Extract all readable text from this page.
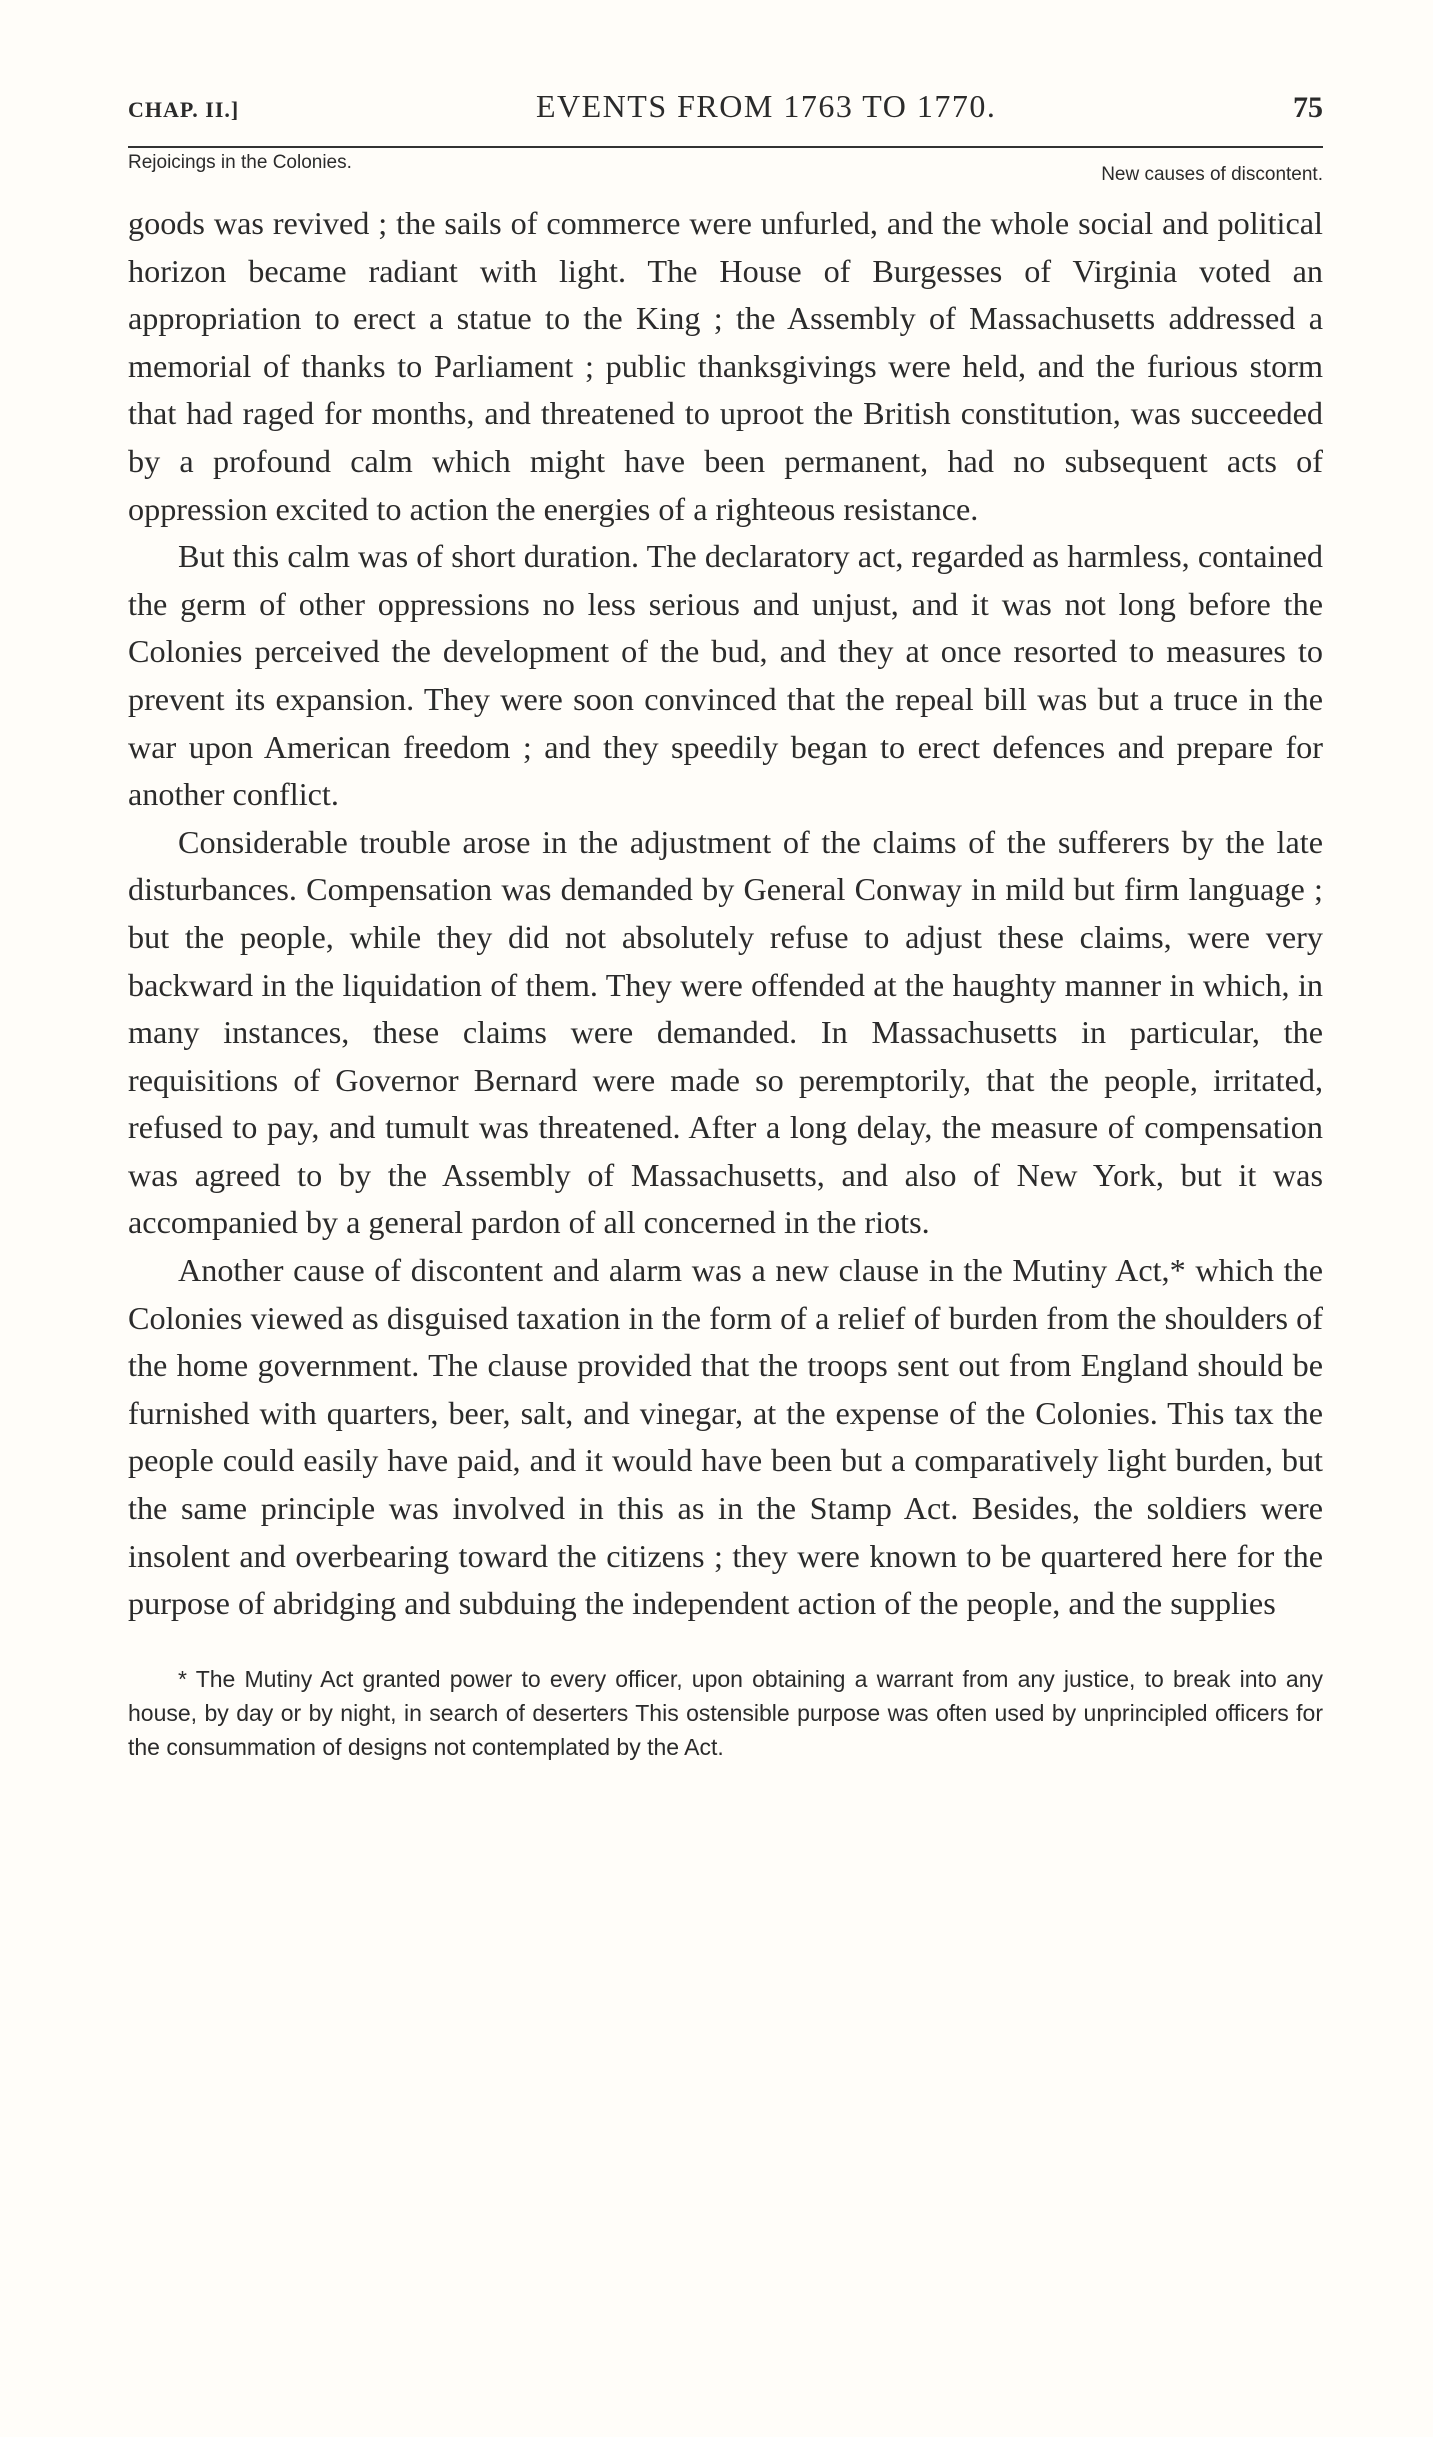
CHAP. II.]	EVENTS FROM 1763 TO 1770.	75
Rejoicings in the Colonies.
New causes of discontent.

goods was revived ; the sails of commerce were unfurled, and the whole social and political horizon became radiant with light. The House of Burgesses of Virginia voted an appropriation to erect a statue to the King ; the Assembly of Massachusetts addressed a memorial of thanks to Parliament ; public thanksgivings were held, and the furious storm that had raged for months, and threatened to uproot the British constitution, was succeeded by a profound calm which might have been permanent, had no subsequent acts of oppression excited to action the energies of a righteous resistance.

But this calm was of short duration. The declaratory act, regarded as harmless, contained the germ of other oppressions no less serious and unjust, and it was not long before the Colonies perceived the development of the bud, and they at once resorted to measures to prevent its expansion. They were soon convinced that the repeal bill was but a truce in the war upon American freedom ; and they speedily began to erect defences and prepare for another conflict.

Considerable trouble arose in the adjustment of the claims of the sufferers by the late disturbances. Compensation was demanded by General Conway in mild but firm language ; but the people, while they did not absolutely refuse to adjust these claims, were very backward in the liquidation of them. They were offended at the haughty manner in which, in many instances, these claims were demanded. In Massachusetts in particular, the requisitions of Governor Bernard were made so peremptorily, that the people, irritated, refused to pay, and tumult was threatened. After a long delay, the measure of compensation was agreed to by the Assembly of Massachusetts, and also of New York, but it was accompanied by a general pardon of all concerned in the riots.

Another cause of discontent and alarm was a new clause in the Mutiny Act,* which the Colonies viewed as disguised taxation in the form of a relief of burden from the shoulders of the home government. The clause provided that the troops sent out from England should be furnished with quarters, beer, salt, and vinegar, at the expense of the Colonies. This tax the people could easily have paid, and it would have been but a comparatively light burden, but the same principle was involved in this as in the Stamp Act. Besides, the soldiers were insolent and overbearing toward the citizens ; they were known to be quartered here for the purpose of abridging and subduing the independent action of the people, and the supplies

* The Mutiny Act granted power to every officer, upon obtaining a warrant from any justice, to break into any house, by day or by night, in search of deserters This ostensible purpose was often used by unprincipled officers for the consummation of designs not contemplated by the Act.
